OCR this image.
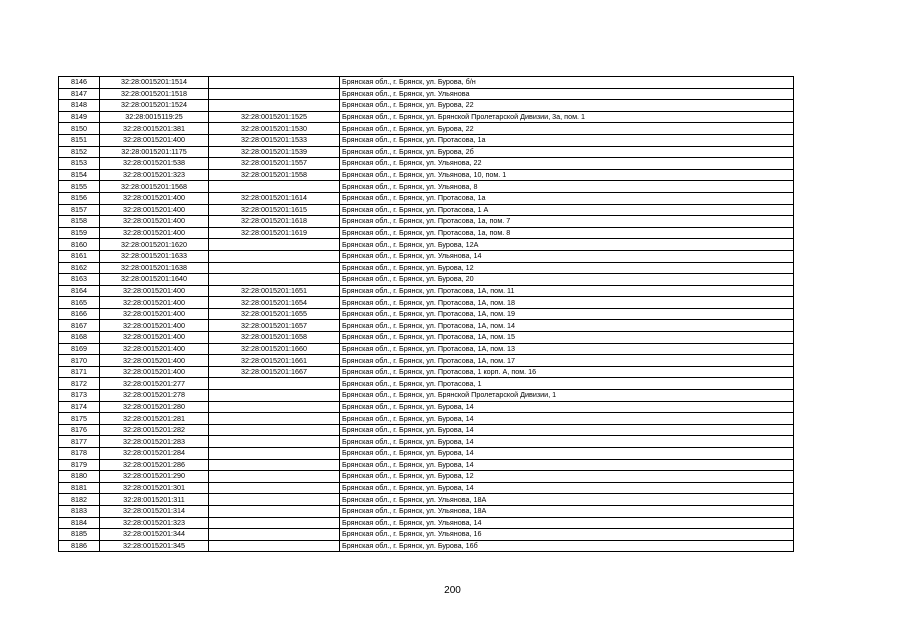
8146	32:28:0015201:1514		Брянская обл., г. Брянск, ул. Бурова, б/н
8147	32:28:0015201:1518		Брянская обл., г. Брянск, ул. Ульянова
8148	32:28:0015201:1524		Брянская обл., г. Брянск, ул. Бурова, 22
8149	32:28:0015119:25	32:28:0015201:1525	Брянская обл., г. Брянск, ул. Брянской Пролетарской Дивизии, 3а, пом. 1
8150	32:28:0015201:381	32:28:0015201:1530	Брянская обл., г. Брянск, ул. Бурова, 22
8151	32:28:0015201:400	32:28:0015201:1533	Брянская обл., г. Брянск, ул. Протасова, 1а
8152	32:28:0015201:1175	32:28:0015201:1539	Брянская обл., г. Брянск, ул. Бурова, 2б
8153	32:28:0015201:538	32:28:0015201:1557	Брянская обл., г. Брянск, ул. Ульянова, 22
8154	32:28:0015201:323	32:28:0015201:1558	Брянская обл., г. Брянск, ул. Ульянова, 10, пом. 1
8155	32:28:0015201:1568		Брянская обл., г. Брянск, ул. Ульянова, 8
8156	32:28:0015201:400	32:28:0015201:1614	Брянская обл., г. Брянск, ул. Протасова, 1а
8157	32:28:0015201:400	32:28:0015201:1615	Брянская обл., г. Брянск, ул. Протасова, 1 А
8158	32:28:0015201:400	32:28:0015201:1618	Брянская обл., г. Брянск, ул. Протасова, 1а, пом. 7
8159	32:28:0015201:400	32:28:0015201:1619	Брянская обл., г. Брянск, ул. Протасова, 1а, пом. 8
8160	32:28:0015201:1620		Брянская обл., г. Брянск, ул. Бурова, 12А
8161	32:28:0015201:1633		Брянская обл., г. Брянск, ул. Ульянова, 14
8162	32:28:0015201:1638		Брянская обл., г. Брянск, ул. Бурова, 12
8163	32:28:0015201:1640		Брянская обл., г. Брянск, ул. Бурова, 20
8164	32:28:0015201:400	32:28:0015201:1651	Брянская обл., г. Брянск, ул. Протасова, 1А, пом. 11
8165	32:28:0015201:400	32:28:0015201:1654	Брянская обл., г. Брянск, ул. Протасова, 1А, пом. 18
8166	32:28:0015201:400	32:28:0015201:1655	Брянская обл., г. Брянск, ул. Протасова, 1А, пом. 19
8167	32:28:0015201:400	32:28:0015201:1657	Брянская обл., г. Брянск, ул. Протасова, 1А, пом. 14
8168	32:28:0015201:400	32:28:0015201:1658	Брянская обл., г. Брянск, ул. Протасова, 1А, пом. 15
8169	32:28:0015201:400	32:28:0015201:1660	Брянская обл., г. Брянск, ул. Протасова, 1А, пом. 13
8170	32:28:0015201:400	32:28:0015201:1661	Брянская обл., г. Брянск, ул. Протасова, 1А, пом. 17
8171	32:28:0015201:400	32:28:0015201:1667	Брянская обл., г. Брянск, ул. Протасова, 1 корп. А, пом. 16
8172	32:28:0015201:277		Брянская обл., г. Брянск, ул. Протасова, 1
8173	32:28:0015201:278		Брянская обл., г. Брянск, ул. Брянской Пролетарской Дивизии, 1
8174	32:28:0015201:280		Брянская обл., г. Брянск, ул. Бурова, 14
8175	32:28:0015201:281		Брянская обл., г. Брянск, ул. Бурова, 14
8176	32:28:0015201:282		Брянская обл., г. Брянск, ул. Бурова, 14
8177	32:28:0015201:283		Брянская обл., г. Брянск, ул. Бурова, 14
8178	32:28:0015201:284		Брянская обл., г. Брянск, ул. Бурова, 14
8179	32:28:0015201:286		Брянская обл., г. Брянск, ул. Бурова, 14
8180	32:28:0015201:290		Брянская обл., г. Брянск, ул. Бурова, 12
8181	32:28:0015201:301		Брянская обл., г. Брянск, ул. Бурова, 14
8182	32:28:0015201:311		Брянская обл., г. Брянск, ул. Ульянова, 18А
8183	32:28:0015201:314		Брянская обл., г. Брянск, ул. Ульянова, 18А
8184	32:28:0015201:323		Брянская обл., г. Брянск, ул. Ульянова, 14
8185	32:28:0015201:344		Брянская обл., г. Брянск, ул. Ульянова, 16
8186	32:28:0015201:345		Брянская обл., г. Брянск, ул. Бурова, 16б
200
